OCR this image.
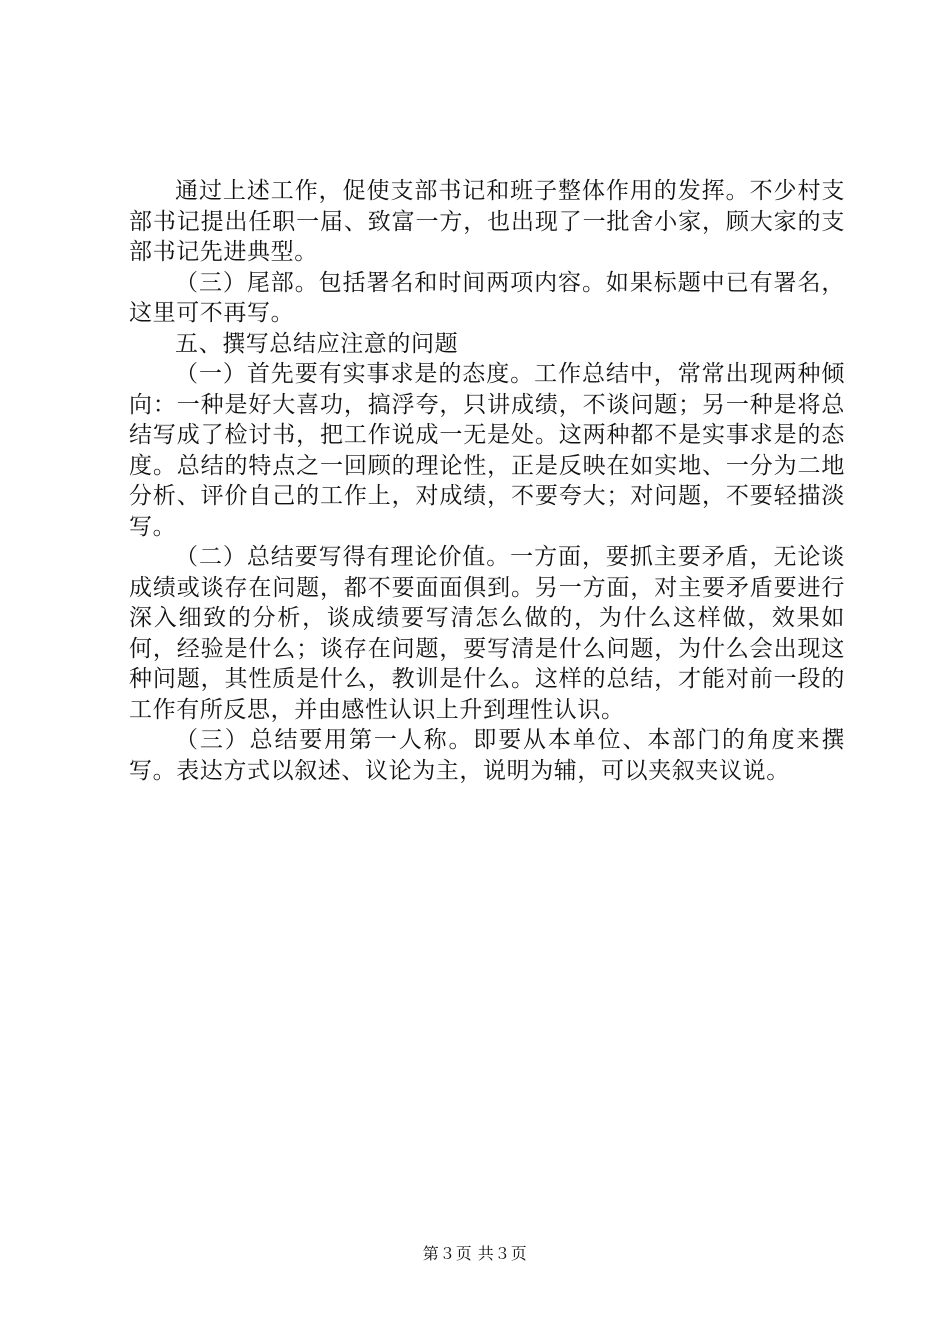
通过上述工作，促使支部书记和班子整体作用的发挥。不少村支部书记提出任职一届、致富一方，也出现了一批舍小家，顾大家的支部书记先进典型。

（三）尾部。包括署名和时间两项内容。如果标题中已有署名，这里可不再写。

五、撰写总结应注意的问题

（一）首先要有实事求是的态度。工作总结中，常常出现两种倾向：一种是好大喜功，搞浮夸，只讲成绩，不谈问题；另一种是将总结写成了检讨书，把工作说成一无是处。这两种都不是实事求是的态度。总结的特点之一回顾的理论性，正是反映在如实地、一分为二地分析、评价自己的工作上，对成绩，不要夸大；对问题，不要轻描淡写。

（二）总结要写得有理论价值。一方面，要抓主要矛盾，无论谈成绩或谈存在问题，都不要面面俱到。另一方面，对主要矛盾要进行深入细致的分析，谈成绩要写清怎么做的，为什么这样做，效果如何，经验是什么；谈存在问题，要写清是什么问题，为什么会出现这种问题，其性质是什么，教训是什么。这样的总结，才能对前一段的工作有所反思，并由感性认识上升到理性认识。

（三）总结要用第一人称。即要从本单位、本部门的角度来撰写。表达方式以叙述、议论为主，说明为辅，可以夹叙夹议说。

第３页 共３页
